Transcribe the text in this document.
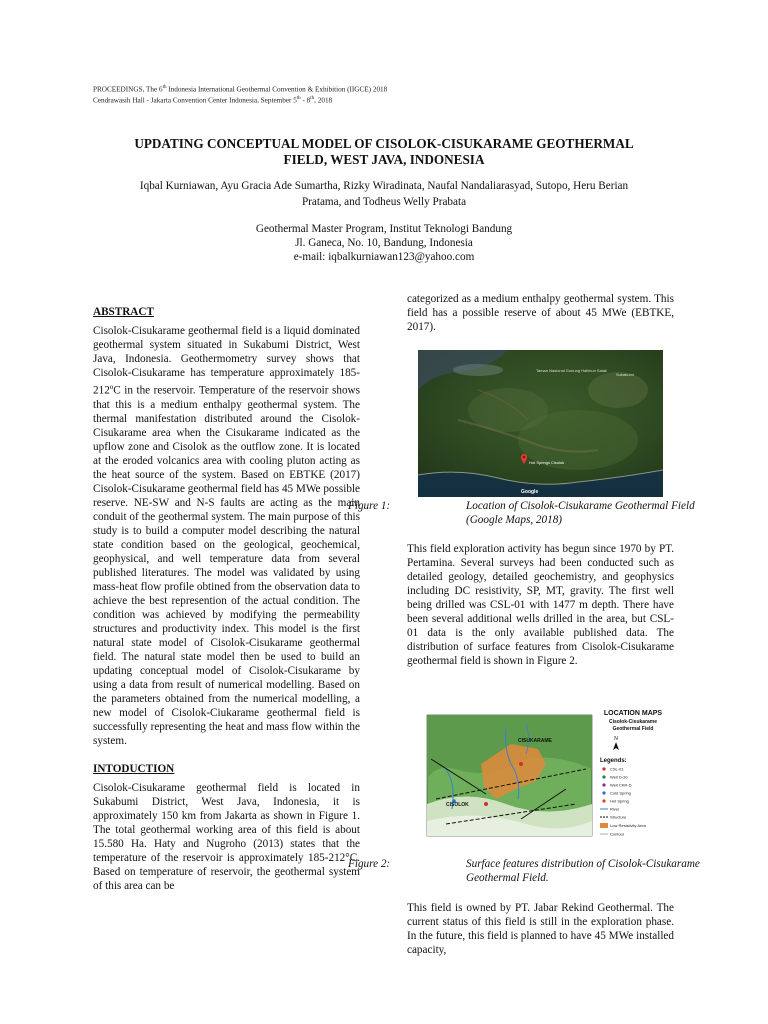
PROCEEDINGS, The 6th Indonesia International Geothermal Convention & Exhibition (IIGCE) 2018
Cendrawasih Hall - Jakarta Convention Center Indonesia, September 5th - 8th, 2018
UPDATING CONCEPTUAL MODEL OF CISOLOK-CISUKARAME GEOTHERMAL
FIELD, WEST JAVA, INDONESIA
Iqbal Kurniawan, Ayu Gracia Ade Sumartha, Rizky Wiradinata, Naufal Nandaliarasyad, Sutopo, Heru Berian
Pratama, and Todheus Welly Prabata
Geothermal Master Program, Institut Teknologi Bandung
Jl. Ganeca, No. 10, Bandung, Indonesia
e-mail: iqbalkurniawan123@yahoo.com
ABSTRACT

Cisolok-Cisukarame geothermal field is a liquid dominated geothermal system situated in Sukabumi District, West Java, Indonesia. Geothermometry survey shows that Cisolok-Cisukarame has temperature approximately 185-212$^o$C in the reservoir. Temperature of the reservoir shows that this is a medium enthalpy geothermal system. The thermal manifestation distributed around the Cisolok-Cisukarame area when the Cisukarame indicated as the upflow zone and Cisolok as the outflow zone. It is located at the eroded volcanics area with cooling pluton acting as the heat source of the system. Based on EBTKE (2017) Cisolok-Cisukarame geothermal field has 45 MWe possible reserve. NE-SW and N-S faults are acting as the main conduit of the geothermal system. The main purpose of this study is to build a computer model describing the natural state condition based on the geological, geochemical, geophysical, and well temperature data from several published literatures. The model was validated by using mass-heat flow profile obtined from the observation data to achieve the best represention of the actual condition. The condition was achieved by modifying the permeability structures and productivity index. This model is the first natural state model of Cisolok-Cisukarame geothermal field. The natural state model then be used to build an updating conceptual model of Cisolok-Cisukarame by using a data from result of numerical modelling. Based on the parameters obtained from the numerical modelling, a new model of Cisolok-Ciukarame geothermal field is successfully representing the heat and mass flow within the system.

INTODUCTION

Cisolok-Cisukarame geothermal field is located in Sukabumi District, West Java, Indonesia, it is approximately 150 km from Jakarta as shown in Figure 1. The total geothermal working area of this field is about 15.580 Ha. Haty and Nugroho (2013) states that the temperature of the reservoir is approximately 185-212°C. Based on temperature of reservoir, the geothermal system of this area can be

categorized as a medium enthalpy geothermal system. This field has a possible reserve of about 45 MWe (EBTKE, 2017).

Taman Nasional Gunung Halimun Salak
Sukabumi
Hot Springs Cisolok
Google
Figure 1:	Location of Cisolok-Cisukarame Geothermal Field (Google Maps, 2018)

This field exploration activity has begun since 1970 by PT. Pertamina. Several surveys had been conducted such as detailed geology, detailed geochemistry, and geophysics including DC resistivity, SP, MT, gravity. The first well being drilled was CSL-01 with 1477 m depth. There have been several additional wells drilled in the area, but CSL-01 data is the only available published data. The distribution of surface features from Cisolok-Cisukarame geothermal field is shown in Figure 2.

CISUKARAME
CISOLOK
LOCATION MAPS
Cisolok-Cisukarame
Geothermal Field
N
Legends:
CSL-01
Well D-10
Well CKR-D
Cold Spring
Hot Spring
River
Structure
Low Resistivity Area
Contour
Figure 2:	Surface features distribution of Cisolok-Cisukarame Geothermal Field.

This field is owned by PT. Jabar Rekind Geothermal. The current status of this field is still in the exploration phase. In the future, this field is planned to have 45 MWe installed capacity,
